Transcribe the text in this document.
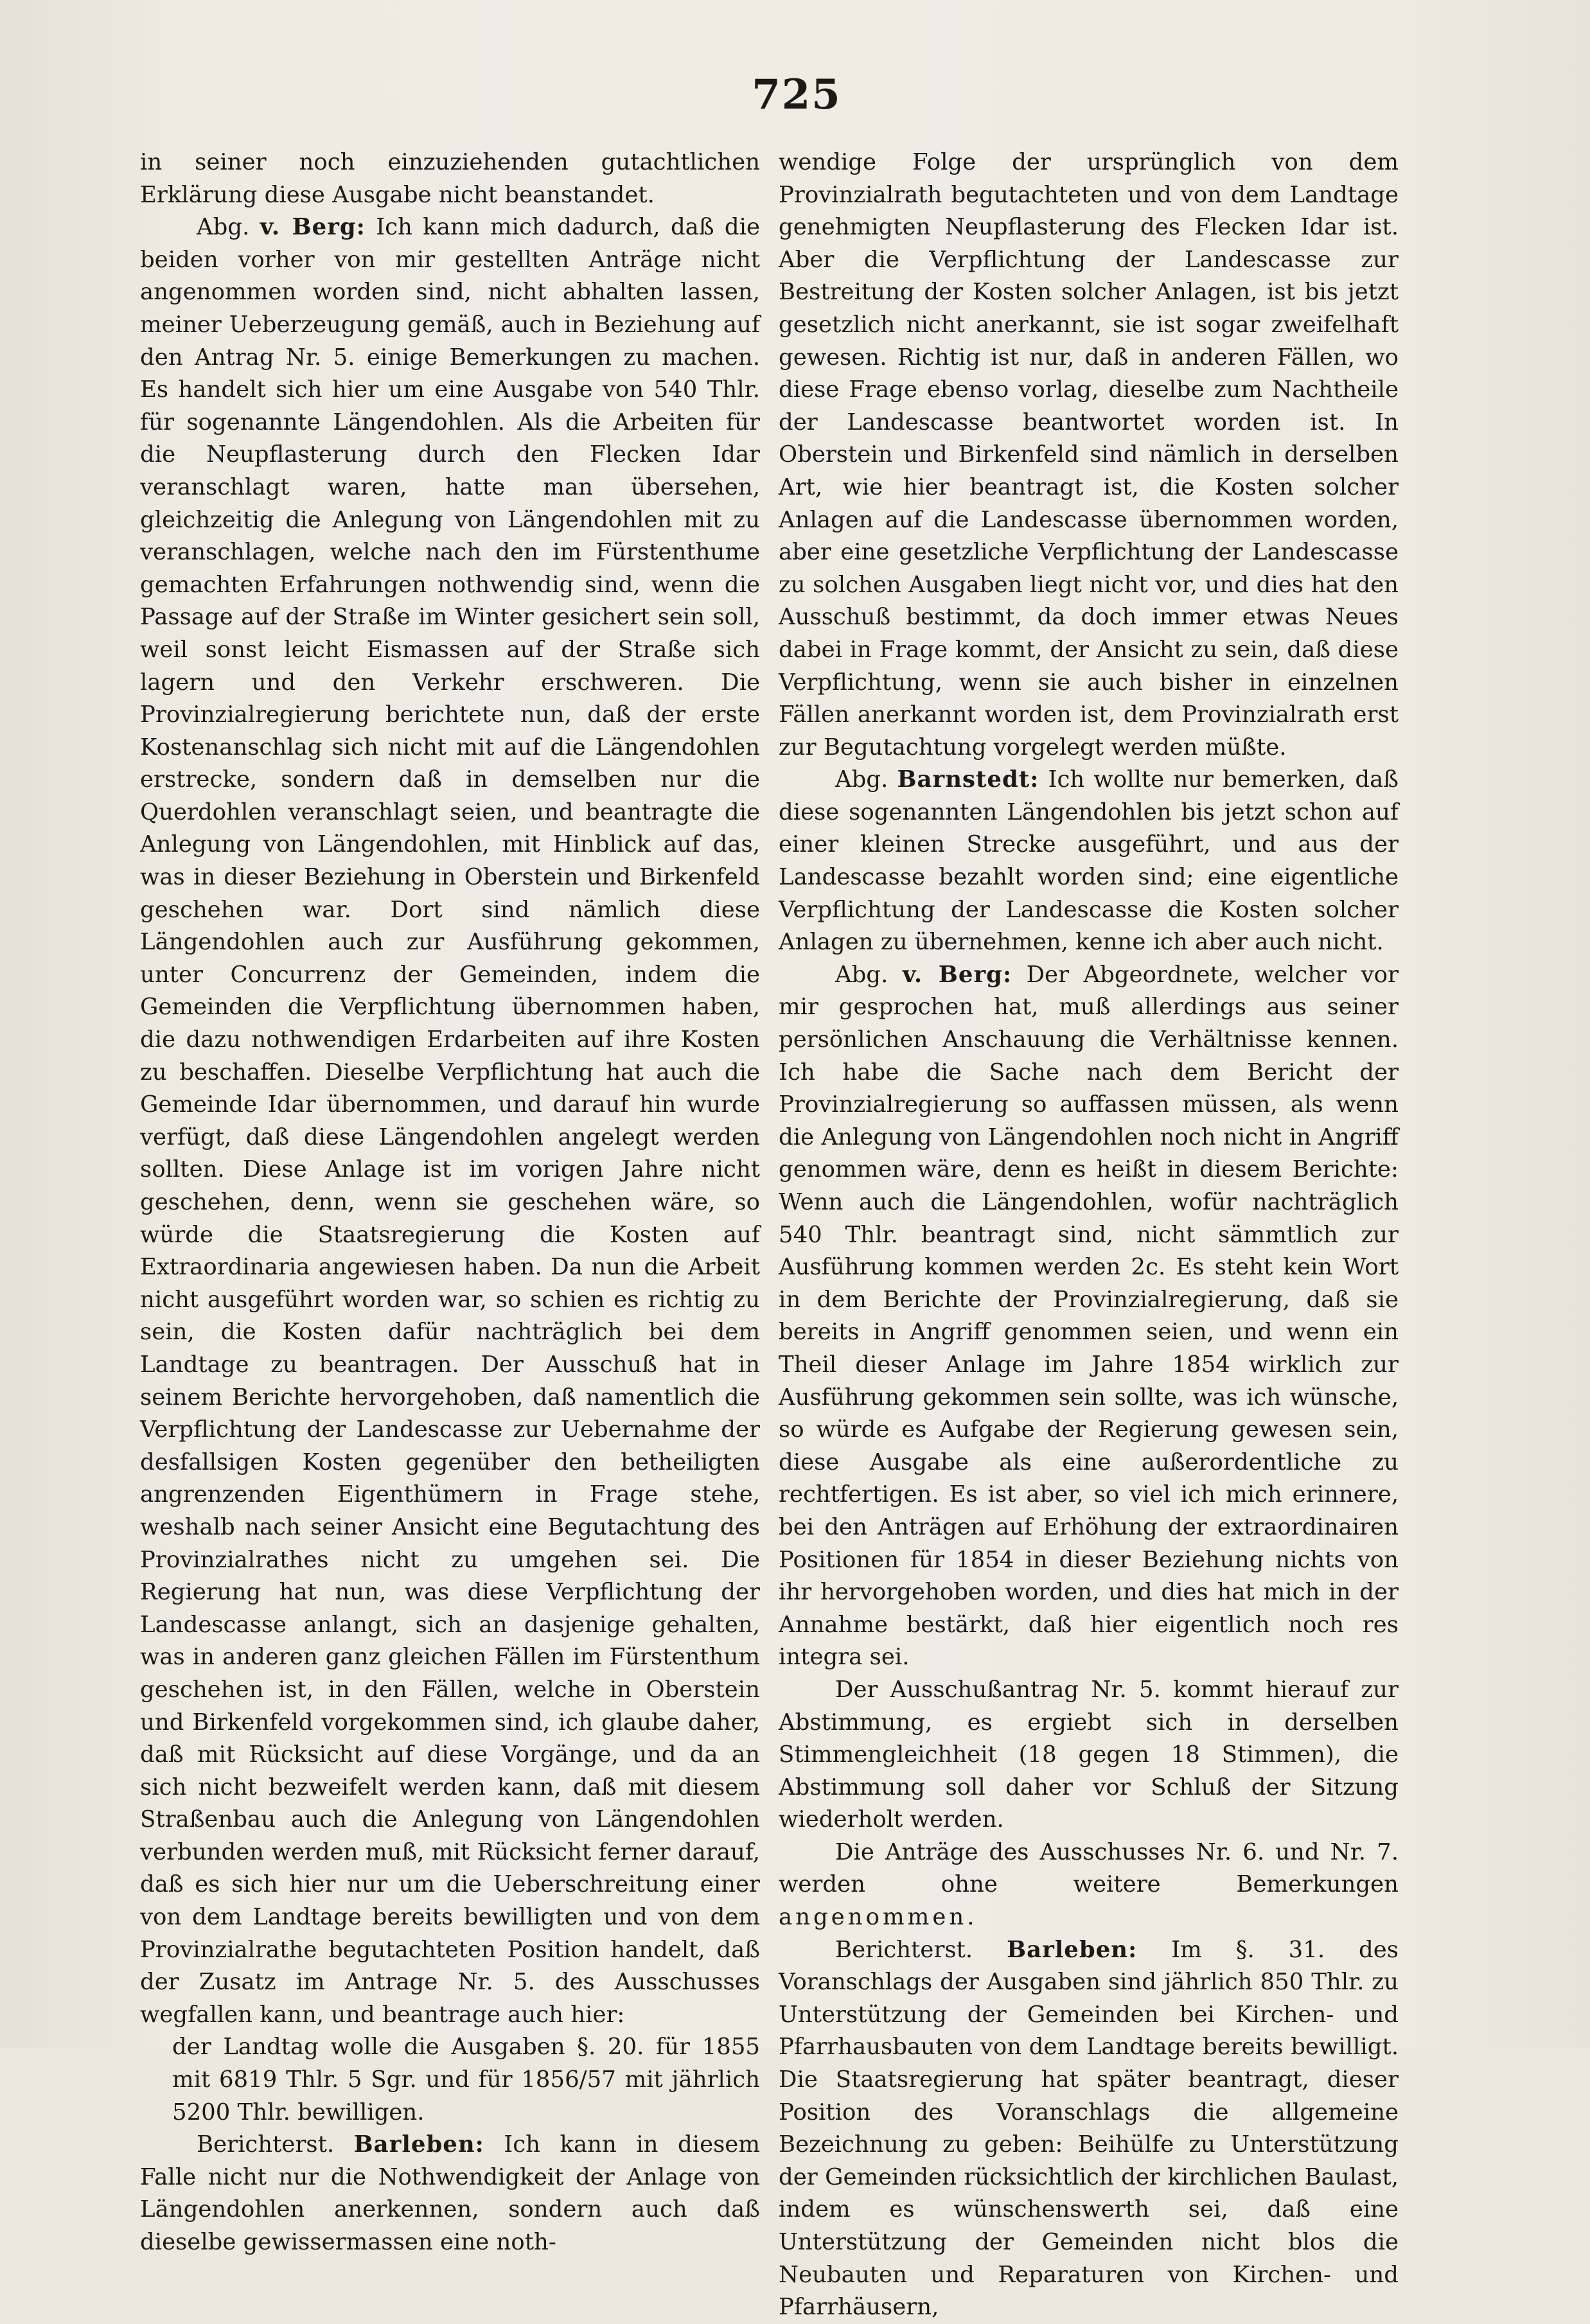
725

in seiner noch einzuziehenden gutachtlichen Erklärung diese Ausgabe nicht beanstandet.

Abg. v. Berg: Ich kann mich dadurch, daß die beiden vorher von mir gestellten Anträge nicht angenommen worden sind, nicht abhalten lassen, meiner Ueberzeugung gemäß, auch in Beziehung auf den Antrag Nr. 5. einige Bemerkungen zu machen. Es handelt sich hier um eine Ausgabe von 540 Thlr. für sogenannte Längendohlen. Als die Arbeiten für die Neupflasterung durch den Flecken Idar veranschlagt waren, hatte man übersehen, gleichzeitig die Anlegung von Längendohlen mit zu veranschlagen, welche nach den im Fürstenthume gemachten Erfahrungen nothwendig sind, wenn die Passage auf der Straße im Winter gesichert sein soll, weil sonst leicht Eismassen auf der Straße sich lagern und den Verkehr erschweren. Die Provinzialregierung berichtete nun, daß der erste Kostenanschlag sich nicht mit auf die Längendohlen erstrecke, sondern daß in demselben nur die Querdohlen veranschlagt seien, und beantragte die Anlegung von Längendohlen, mit Hinblick auf das, was in dieser Beziehung in Oberstein und Birkenfeld geschehen war. Dort sind nämlich diese Längendohlen auch zur Ausführung gekommen, unter Concurrenz der Gemeinden, indem die Gemeinden die Verpflichtung übernommen haben, die dazu nothwendigen Erdarbeiten auf ihre Kosten zu beschaffen. Dieselbe Verpflichtung hat auch die Gemeinde Idar übernommen, und darauf hin wurde verfügt, daß diese Längendohlen angelegt werden sollten. Diese Anlage ist im vorigen Jahre nicht geschehen, denn, wenn sie geschehen wäre, so würde die Staatsregierung die Kosten auf Extraordinaria angewiesen haben. Da nun die Arbeit nicht ausgeführt worden war, so schien es richtig zu sein, die Kosten dafür nachträglich bei dem Landtage zu beantragen. Der Ausschuß hat in seinem Berichte hervorgehoben, daß namentlich die Verpflichtung der Landescasse zur Uebernahme der desfallsigen Kosten gegenüber den betheiligten angrenzenden Eigenthümern in Frage stehe, weshalb nach seiner Ansicht eine Begutachtung des Provinzialrathes nicht zu umgehen sei. Die Regierung hat nun, was diese Verpflichtung der Landescasse anlangt, sich an dasjenige gehalten, was in anderen ganz gleichen Fällen im Fürstenthum geschehen ist, in den Fällen, welche in Oberstein und Birkenfeld vorgekommen sind, ich glaube daher, daß mit Rücksicht auf diese Vorgänge, und da an sich nicht bezweifelt werden kann, daß mit diesem Straßenbau auch die Anlegung von Längendohlen verbunden werden muß, mit Rücksicht ferner darauf, daß es sich hier nur um die Ueberschreitung einer von dem Landtage bereits bewilligten und von dem Provinzialrathe begutachteten Position handelt, daß der Zusatz im Antrage Nr. 5. des Ausschusses wegfallen kann, und beantrage auch hier:

der Landtag wolle die Ausgaben §. 20. für 1855 mit 6819 Thlr. 5 Sgr. und für 1856/57 mit jährlich 5200 Thlr. bewilligen.

Berichterst. Barleben: Ich kann in diesem Falle nicht nur die Nothwendigkeit der Anlage von Längendohlen anerkennen, sondern auch daß dieselbe gewissermassen eine noth-

wendige Folge der ursprünglich von dem Provinzialrath begutachteten und von dem Landtage genehmigten Neupflasterung des Flecken Idar ist. Aber die Verpflichtung der Landescasse zur Bestreitung der Kosten solcher Anlagen, ist bis jetzt gesetzlich nicht anerkannt, sie ist sogar zweifelhaft gewesen. Richtig ist nur, daß in anderen Fällen, wo diese Frage ebenso vorlag, dieselbe zum Nachtheile der Landescasse beantwortet worden ist. In Oberstein und Birkenfeld sind nämlich in derselben Art, wie hier beantragt ist, die Kosten solcher Anlagen auf die Landescasse übernommen worden, aber eine gesetzliche Verpflichtung der Landescasse zu solchen Ausgaben liegt nicht vor, und dies hat den Ausschuß bestimmt, da doch immer etwas Neues dabei in Frage kommt, der Ansicht zu sein, daß diese Verpflichtung, wenn sie auch bisher in einzelnen Fällen anerkannt worden ist, dem Provinzialrath erst zur Begutachtung vorgelegt werden müßte.

Abg. Barnstedt: Ich wollte nur bemerken, daß diese sogenannten Längendohlen bis jetzt schon auf einer kleinen Strecke ausgeführt, und aus der Landescasse bezahlt worden sind; eine eigentliche Verpflichtung der Landescasse die Kosten solcher Anlagen zu übernehmen, kenne ich aber auch nicht.

Abg. v. Berg: Der Abgeordnete, welcher vor mir gesprochen hat, muß allerdings aus seiner persönlichen Anschauung die Verhältnisse kennen. Ich habe die Sache nach dem Bericht der Provinzialregierung so auffassen müssen, als wenn die Anlegung von Längendohlen noch nicht in Angriff genommen wäre, denn es heißt in diesem Berichte: Wenn auch die Längendohlen, wofür nachträglich 540 Thlr. beantragt sind, nicht sämmtlich zur Ausführung kommen werden 2c. Es steht kein Wort in dem Berichte der Provinzialregierung, daß sie bereits in Angriff genommen seien, und wenn ein Theil dieser Anlage im Jahre 1854 wirklich zur Ausführung gekommen sein sollte, was ich wünsche, so würde es Aufgabe der Regierung gewesen sein, diese Ausgabe als eine außerordentliche zu rechtfertigen. Es ist aber, so viel ich mich erinnere, bei den Anträgen auf Erhöhung der extraordinairen Positionen für 1854 in dieser Beziehung nichts von ihr hervorgehoben worden, und dies hat mich in der Annahme bestärkt, daß hier eigentlich noch res integra sei.

Der Ausschußantrag Nr. 5. kommt hierauf zur Abstimmung, es ergiebt sich in derselben Stimmengleichheit (18 gegen 18 Stimmen), die Abstimmung soll daher vor Schluß der Sitzung wiederholt werden.

Die Anträge des Ausschusses Nr. 6. und Nr. 7. werden ohne weitere Bemerkungen angenommen.

Berichterst. Barleben: Im §. 31. des Voranschlags der Ausgaben sind jährlich 850 Thlr. zu Unterstützung der Gemeinden bei Kirchen- und Pfarrhausbauten von dem Landtage bereits bewilligt. Die Staatsregierung hat später beantragt, dieser Position des Voranschlags die allgemeine Bezeichnung zu geben: Beihülfe zu Unterstützung der Gemeinden rücksichtlich der kirchlichen Baulast, indem es wünschenswerth sei, daß eine Unterstützung der Gemeinden nicht blos die Neubauten und Reparaturen von Kirchen- und Pfarrhäusern,
